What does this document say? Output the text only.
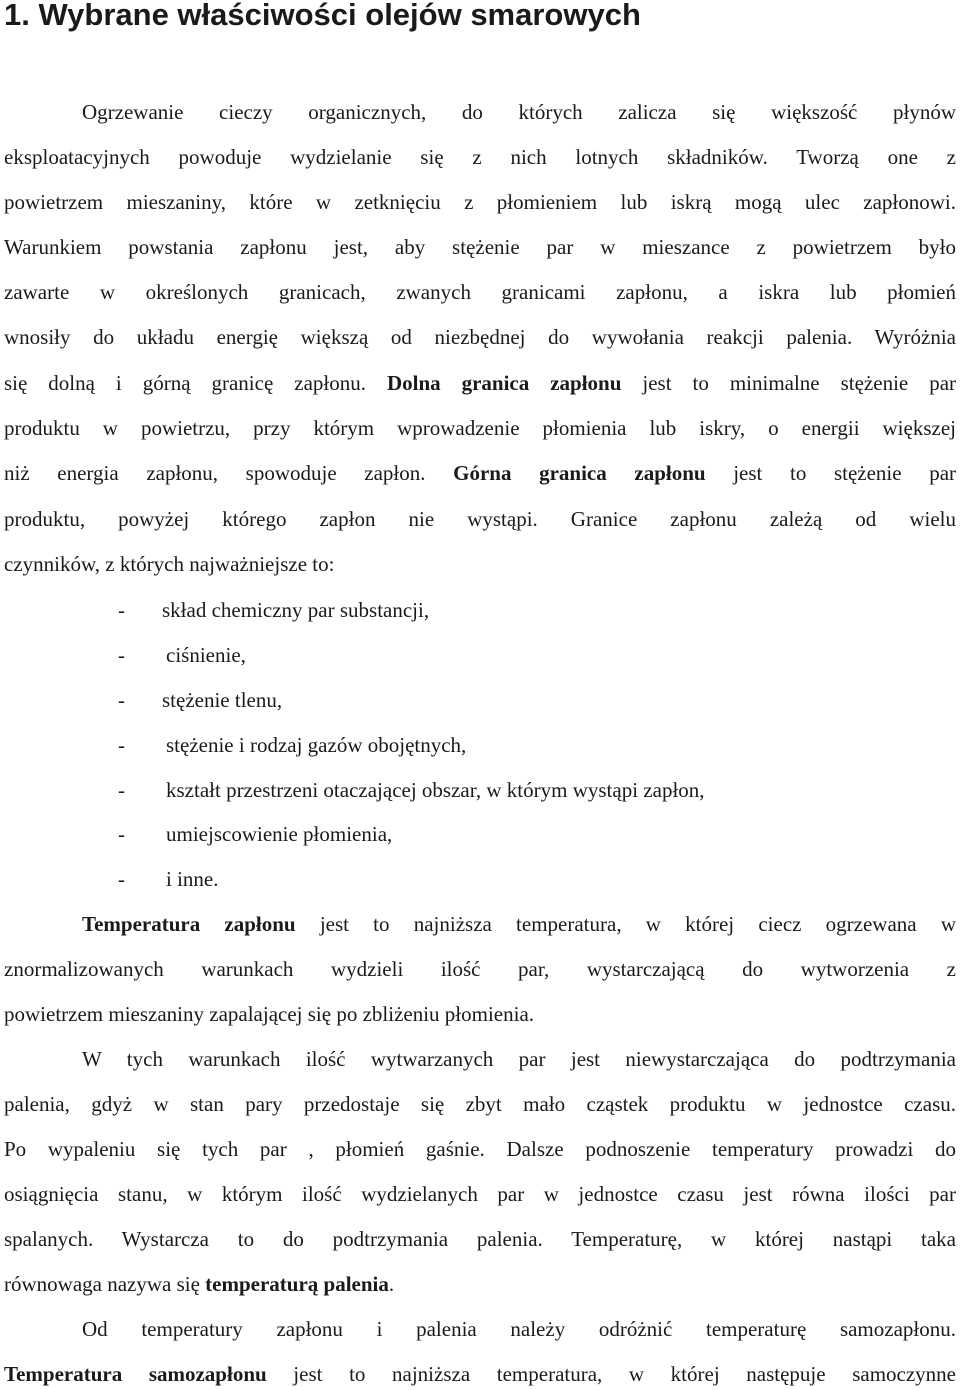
1. Wybrane właściwości olejów smarowych
Ogrzewanie cieczy organicznych, do których zalicza się większość płynów
eksploatacyjnych powoduje wydzielanie się z nich lotnych składników. Tworzą one z
powietrzem mieszaniny, które w zetknięciu z płomieniem lub iskrą mogą ulec zapłonowi.
Warunkiem powstania zapłonu jest, aby stężenie par w mieszance z powietrzem było
zawarte w określonych granicach, zwanych granicami zapłonu, a iskra lub płomień
wnosiły do układu energię większą od niezbędnej do wywołania reakcji palenia. Wyróżnia
się dolną i górną granicę zapłonu. Dolna granica zapłonu jest to minimalne stężenie par
produktu w powietrzu, przy którym wprowadzenie płomienia lub iskry, o energii większej
niż energia zapłonu, spowoduje zapłon. Górna granica zapłonu jest to stężenie par
produktu, powyżej którego zapłon nie wystąpi. Granice zapłonu zależą od wielu
czynników, z których najważniejsze to:
- skład chemiczny par substancji,
- ciśnienie,
- stężenie tlenu,
- stężenie i rodzaj gazów obojętnych,
- kształt przestrzeni otaczającej obszar, w którym wystąpi zapłon,
- umiejscowienie płomienia,
- i inne.
Temperatura zapłonu jest to najniższa temperatura, w której ciecz ogrzewana w
znormalizowanych warunkach wydzieli ilość par, wystarczającą do wytworzenia z
powietrzem mieszaniny zapalającej się po zbliżeniu płomienia.
W tych warunkach ilość wytwarzanych par jest niewystarczająca do podtrzymania
palenia, gdyż w stan pary przedostaje się zbyt mało cząstek produktu w jednostce czasu.
Po wypaleniu się tych par , płomień gaśnie. Dalsze podnoszenie temperatury prowadzi do
osiągnięcia stanu, w którym ilość wydzielanych par w jednostce czasu jest równa ilości par
spalanych. Wystarcza to do podtrzymania palenia. Temperaturę, w której nastąpi taka
równowaga nazywa się temperaturą palenia.
Od temperatury zapłonu i palenia należy odróżnić temperaturę samozapłonu.
Temperatura samozapłonu jest to najniższa temperatura, w której następuje samoczynne
